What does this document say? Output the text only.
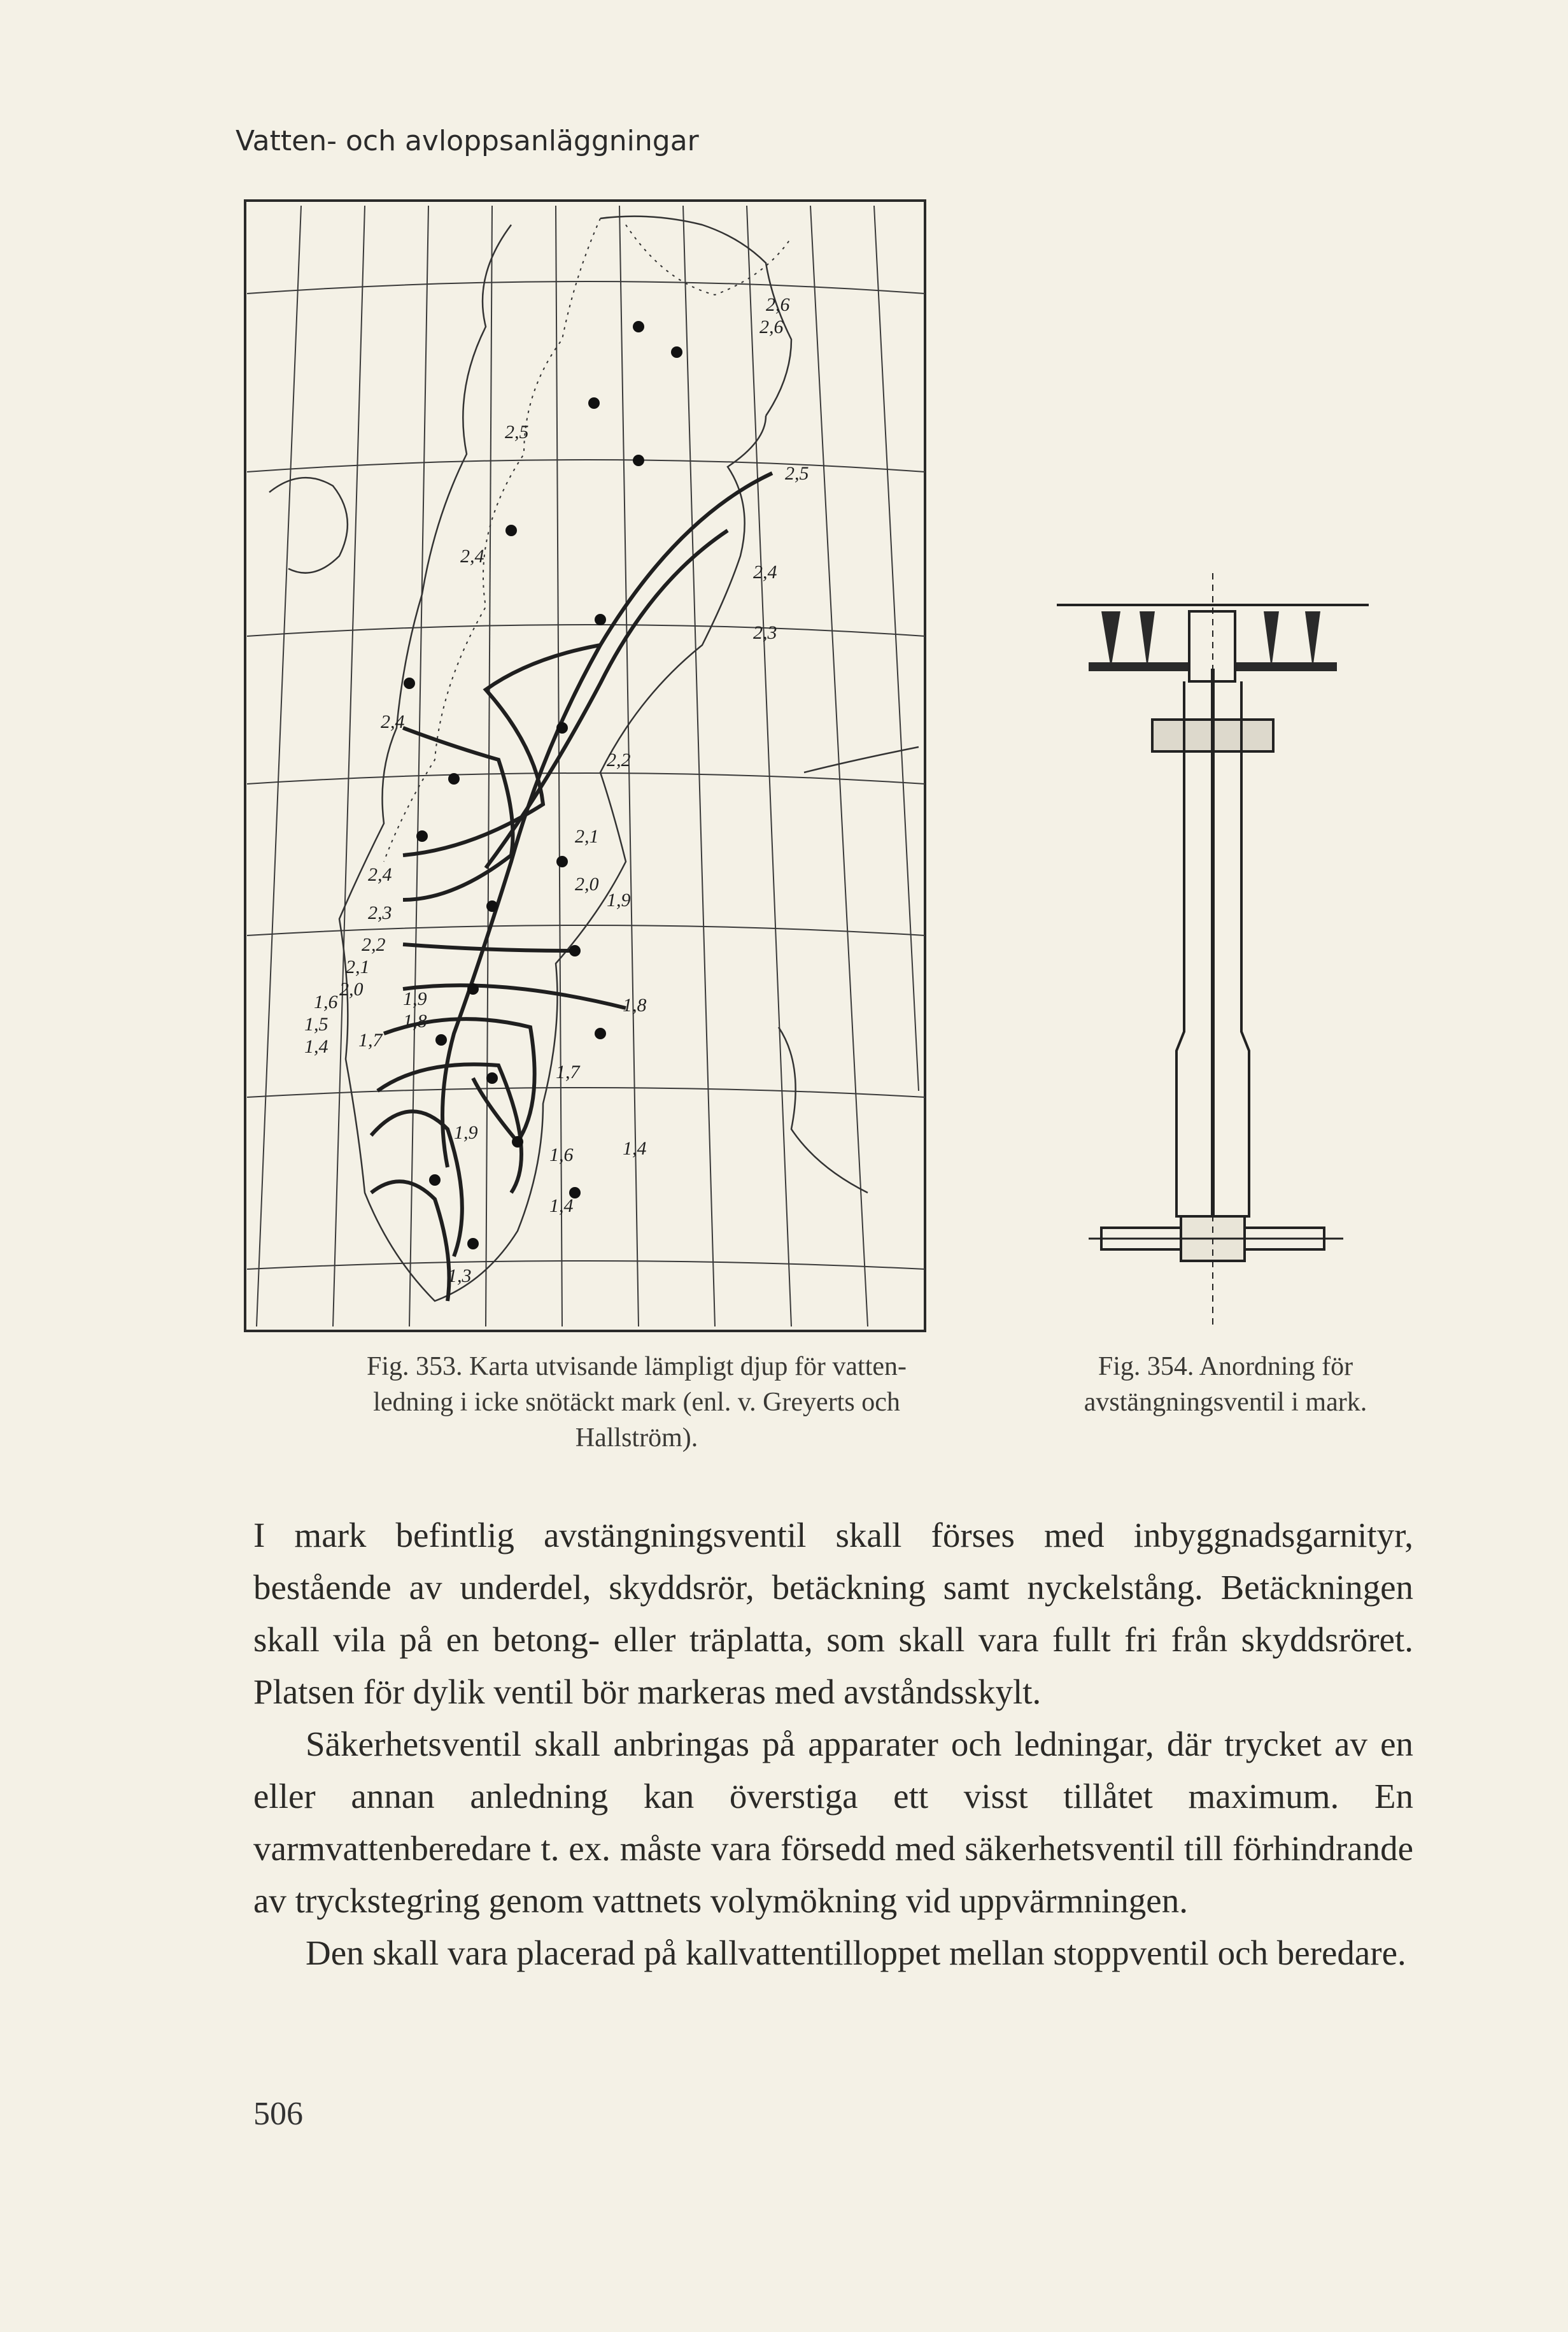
Vatten- och avloppsanläggningar
2,6
2,6
2,5
2,5
2,4
2,4
2,3
2,4
2,2
2,1
2,0
1,9
2,4
2,3
2,2
2,1
2,0 1,9
1,8
1,6
1,5
1,4 1,7
1,8
1,7
1,9
1,6
1,4
1,4
1,3
Fig. 353. Karta utvisande lämpligt djup för vatten-
ledning i icke snötäckt mark (enl. v. Greyerts och
Hallström).
Fig. 354. Anordning för
avstängningsventil i mark.

I mark befintlig avstängningsventil skall förses med inbyggnadsgarnityr, bestående av underdel, skyddsrör, betäckning samt nyckelstång. Betäckningen skall vila på en betong- eller träplatta, som skall vara fullt fri från skyddsröret. Platsen för dylik ventil bör markeras med avståndsskylt.

Säkerhetsventil skall anbringas på apparater och ledningar, där trycket av en eller annan anledning kan överstiga ett visst tillåtet maximum. En varmvattenberedare t. ex. måste vara försedd med säkerhetsventil till förhindrande av tryckstegring genom vattnets volymökning vid uppvärmningen.

Den skall vara placerad på kallvattentilloppet mellan stoppventil och beredare.

506
